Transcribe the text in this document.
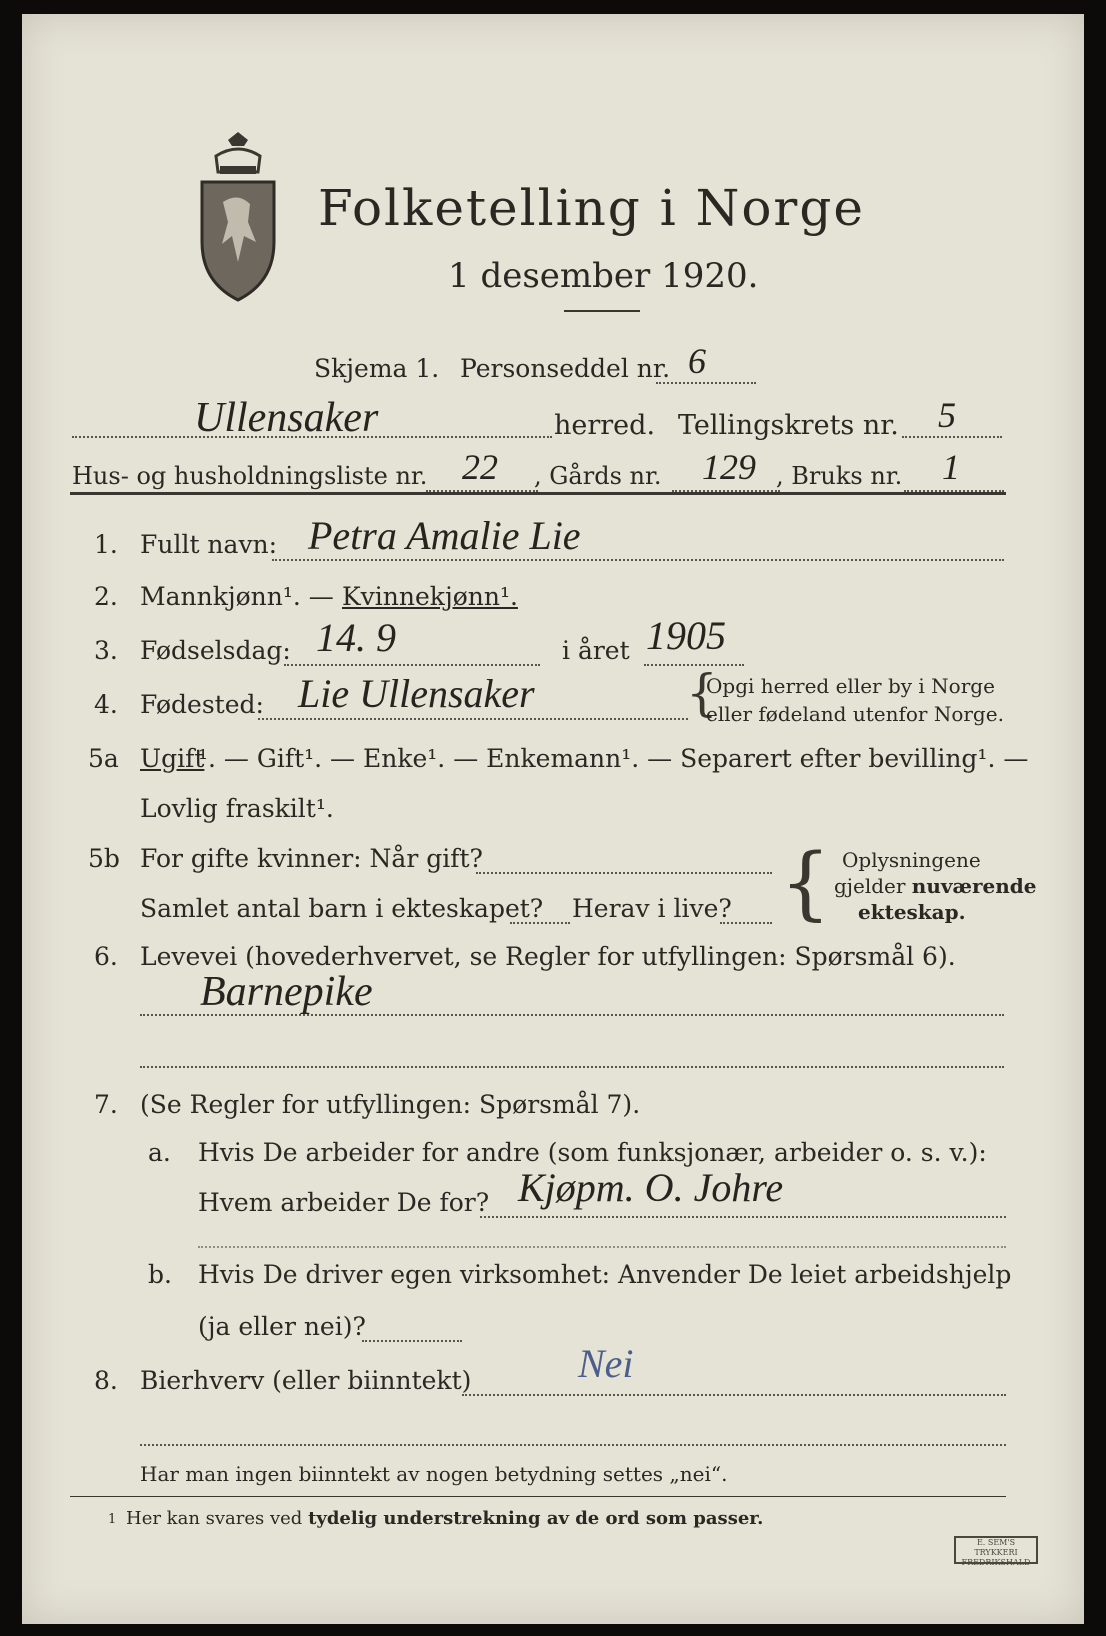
Folketelling i Norge
1 desember 1920.
Skjema 1. Personseddel nr. 6
Ullensaker	herred. Tellingskrets nr. 5
Hus- og husholdningsliste nr. 22 , Gårds nr. 129 , Bruks nr. 1
1. Fullt navn: Petra Amalie Lie
2. Mannkjønn¹. — Kvinnekjønn¹.
3. Fødselsdag: 14. 9	i året 1905
4. Fødested: Lie Ullensaker	{
Opgi herred eller by i Norge
eller fødeland utenfor Norge.
5a Ugift
¹. — Gift¹. — Enke¹. — Enkemann¹. — Separert efter bevilling¹. —
Lovlig fraskilt¹.
5b For gifte kvinner: Når gift?
Samlet antal barn i ekteskapet? Herav i live? { Oplysningene
gjelder nuværende
ekteskap.
6. Levevei (hovederhvervet, se Regler for utfyllingen: Spørsmål 6).
Barnepike
7. (Se Regler for utfyllingen: Spørsmål 7).
a. Hvis De arbeider for andre (som funksjonær, arbeider o. s. v.):
Hvem arbeider De for? Kjøpm. O. Johre
b. Hvis De driver egen virksomhet: Anvender De leiet arbeidshjelp
(ja eller nei)?
8. Bierhverv (eller biinntekt)	Nei
Har man ingen biinntekt av nogen betydning settes „nei“.
1 Her kan svares ved tydelig understrekning av de ord som passer.
E. SEM'S TRYKKERI FREDRIKSHALD
